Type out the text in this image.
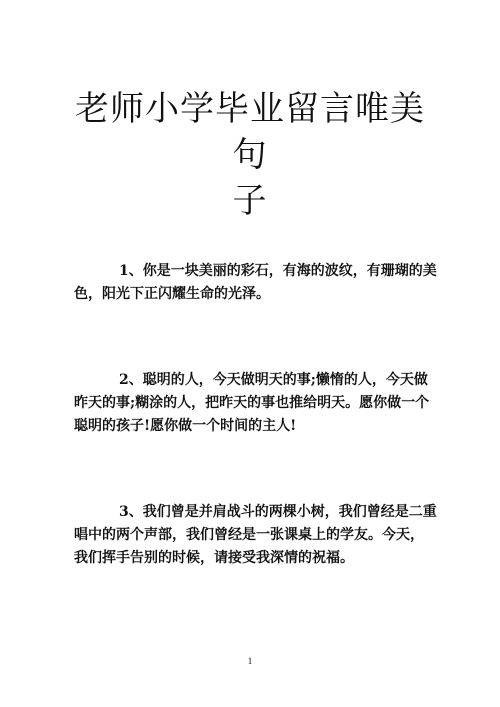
老师小学毕业留言唯美句
子

1、你是一块美丽的彩石，有海的波纹，有珊瑚的美
色，阳光下正闪耀生命的光泽。

2、聪明的人，今天做明天的事;懒惰的人，今天做
昨天的事;糊涂的人，把昨天的事也推给明天。愿你做一个
聪明的孩子!愿你做一个时间的主人!

3、我们曾是并肩战斗的两棵小树，我们曾经是二重
唱中的两个声部，我们曾经是一张课桌上的学友。今天，
我们挥手告别的时候，请接受我深情的祝福。

1
